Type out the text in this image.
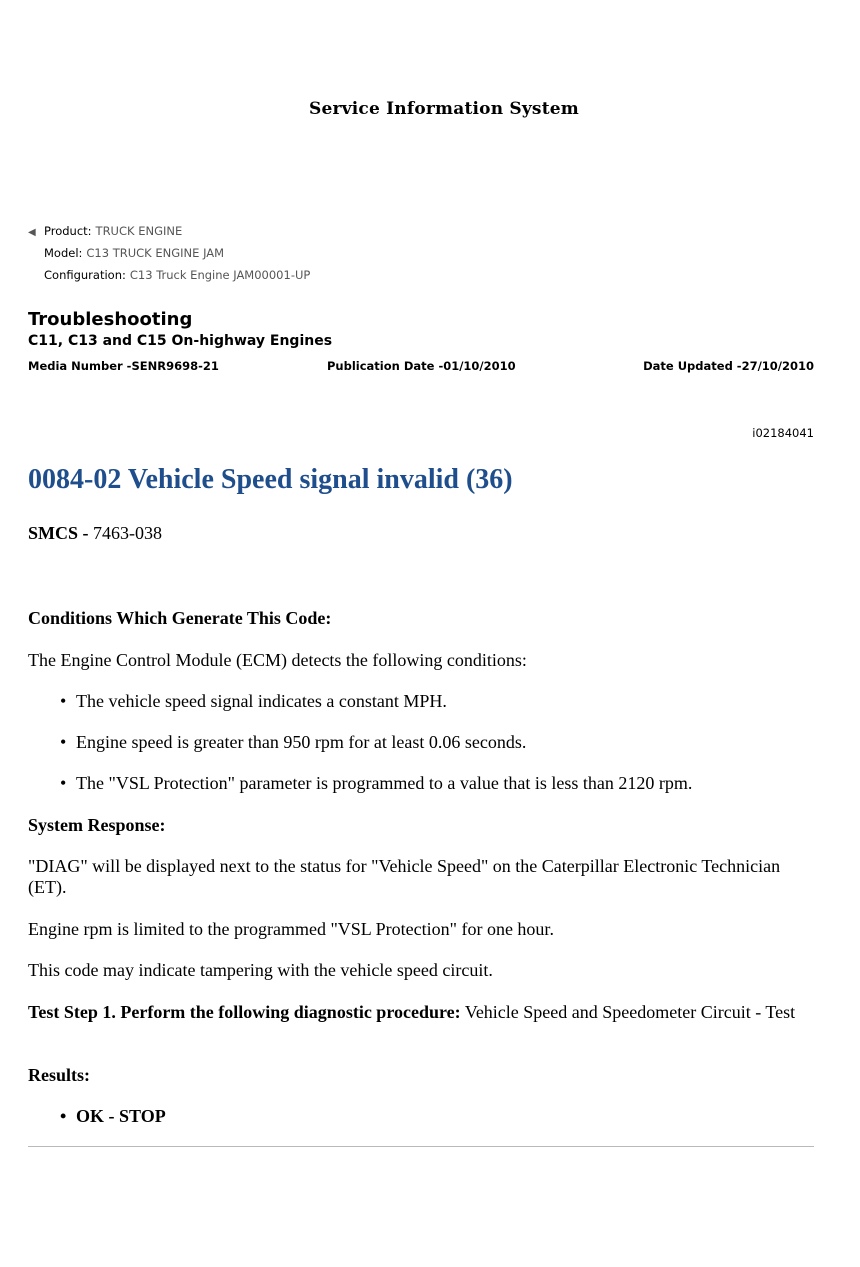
Service Information System
◀ Product: TRUCK ENGINE
Model: C13 TRUCK ENGINE JAM
Configuration: C13 Truck Engine JAM00001-UP
Troubleshooting
C11, C13 and C15 On-highway Engines
Media Number -SENR9698-21	Publication Date -01/10/2010	Date Updated -27/10/2010
i02184041
0084-02 Vehicle Speed signal invalid (36)
SMCS - 7463-038
Conditions Which Generate This Code:
The Engine Control Module (ECM) detects the following conditions:
• The vehicle speed signal indicates a constant MPH.
• Engine speed is greater than 950 rpm for at least 0.06 seconds.
• The "VSL Protection" parameter is programmed to a value that is less than 2120 rpm.
System Response:
"DIAG" will be displayed next to the status for "Vehicle Speed" on the Caterpillar Electronic Technician (ET).
Engine rpm is limited to the programmed "VSL Protection" for one hour.
This code may indicate tampering with the vehicle speed circuit.
Test Step 1. Perform the following diagnostic procedure: Vehicle Speed and Speedometer Circuit - Test
Results:
• OK - STOP
